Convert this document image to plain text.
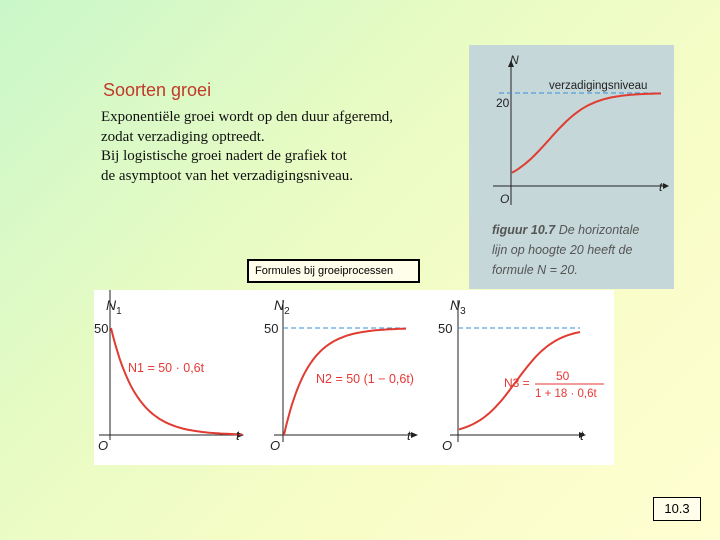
Soorten groei
Exponentiële groei wordt op den duur afgeremd,
zodat verzadiging optreedt.
Bij logistische groei nadert de grafiek tot
de asymptoot van het verzadigingsniveau.
N
t
O
20
verzadigingsniveau
figuur 10.7 De horizontale
lijn op hoogte 20 heeft de
formule N = 20.
Formules bij groeiprocessen
$N_1$
50
O
t
N1 = 50 · 0,6t
$N_2$
50
O
t
N2 = 50 (1 − 0,6t)
$N_3$
50
O
t
N3 = 50
1 + 18 · 0,6t
10.3
